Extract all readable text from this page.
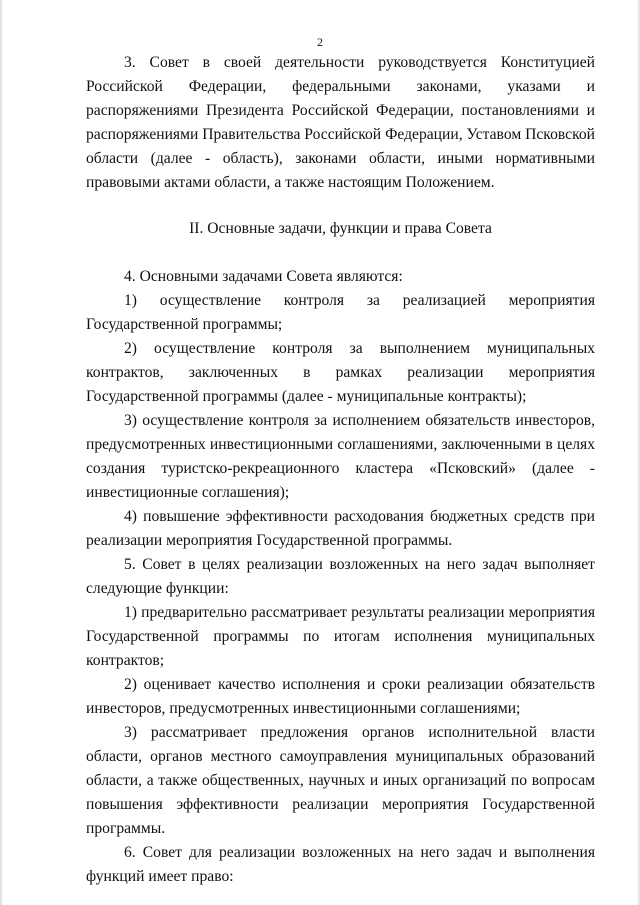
2

3. Совет в своей деятельности руководствуется Конституцией Российской Федерации, федеральными законами, указами и распоряжениями Президента Российской Федерации, постановлениями и распоряжениями Правительства Российской Федерации, Уставом Псковской области (далее - область), законами области, иными нормативными правовыми актами области, а также настоящим Положением.

II. Основные задачи, функции и права Совета

4. Основными задачами Совета являются:

1) осуществление контроля за реализацией мероприятия Государственной программы;

2) осуществление контроля за выполнением муниципальных контрактов, заключенных в рамках реализации мероприятия Государственной программы (далее - муниципальные контракты);

3) осуществление контроля за исполнением обязательств инвесторов, предусмотренных инвестиционными соглашениями, заключенными в целях создания туристско-рекреационного кластера «Псковский» (далее - инвестиционные соглашения);

4) повышение эффективности расходования бюджетных средств при реализации мероприятия Государственной программы.

5. Совет в целях реализации возложенных на него задач выполняет следующие функции:

1) предварительно рассматривает результаты реализации мероприятия Государственной программы по итогам исполнения муниципальных контрактов;

2) оценивает качество исполнения и сроки реализации обязательств инвесторов, предусмотренных инвестиционными соглашениями;

3) рассматривает предложения органов исполнительной власти области, органов местного самоуправления муниципальных образований области, а также общественных, научных и иных организаций по вопросам повышения эффективности реализации мероприятия Государственной программы.

6. Совет для реализации возложенных на него задач и выполнения функций имеет право:
